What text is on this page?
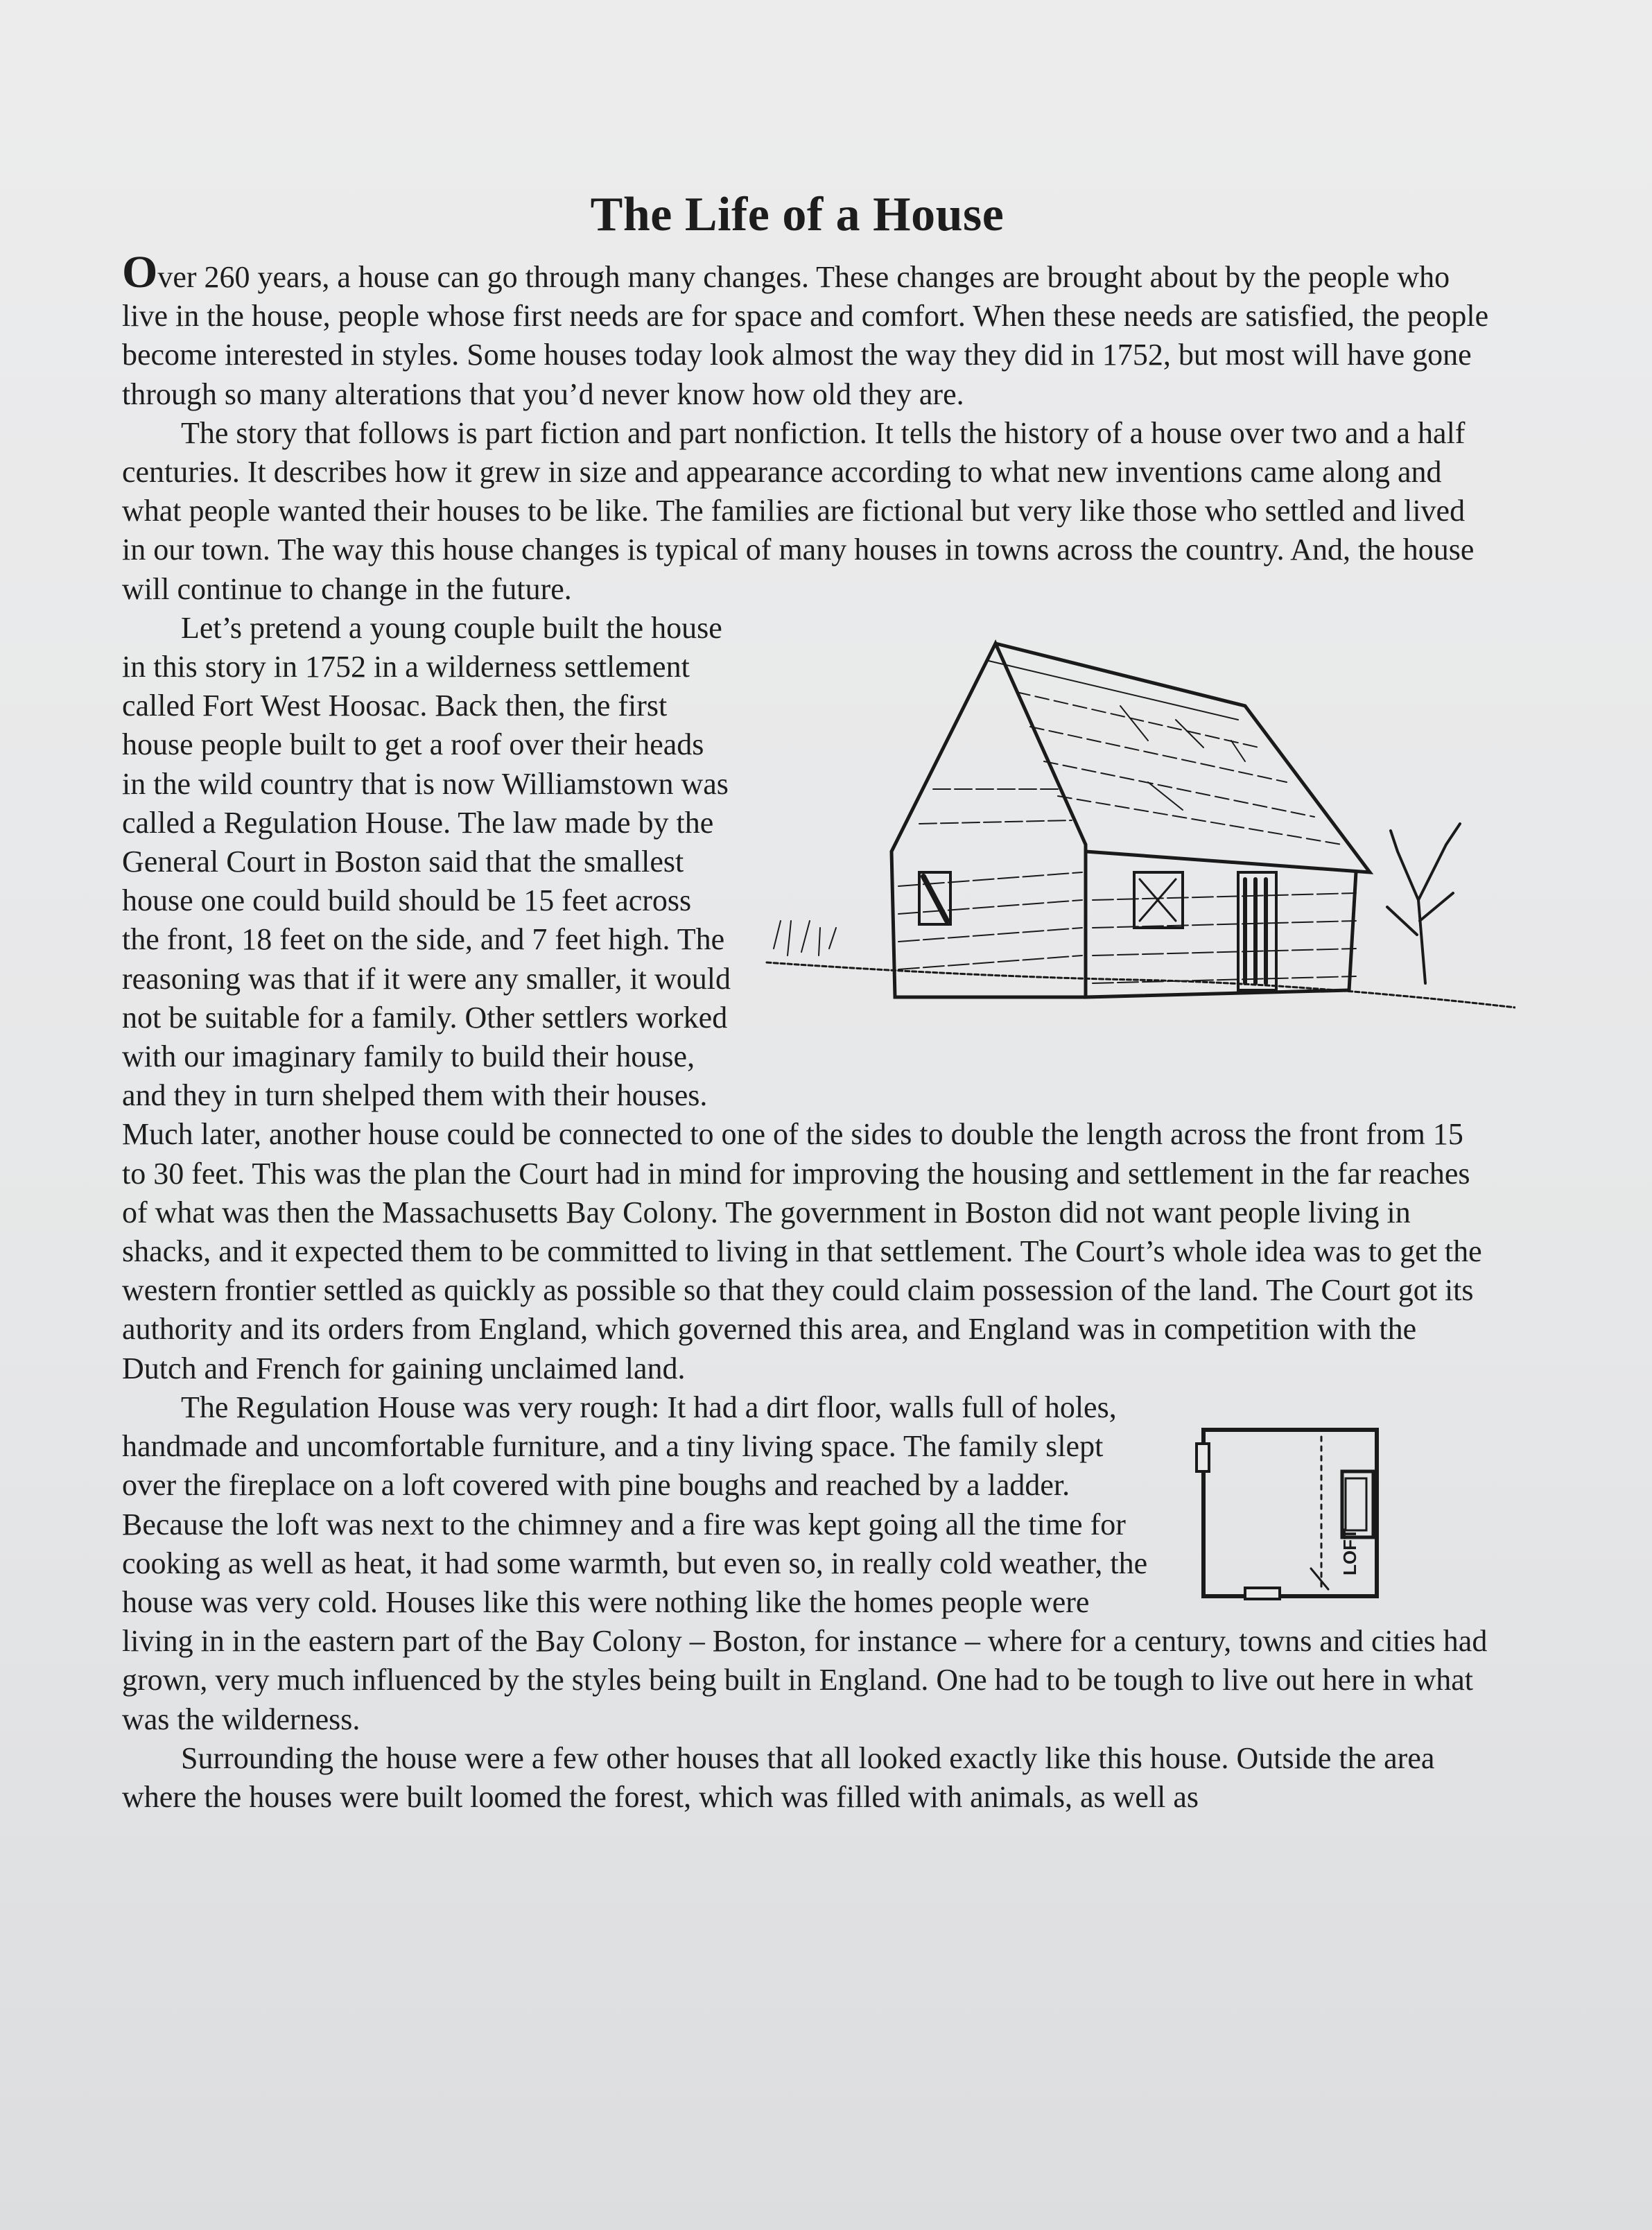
The Life of a House

Over 260 years, a house can go through many changes. These changes are brought about by the people who live in the house, people whose first needs are for space and comfort. When these needs are satisfied, the people become interested in styles. Some houses today look almost the way they did in 1752, but most will have gone through so many alterations that you’d never know how old they are.

The story that follows is part fiction and part nonfiction. It tells the history of a house over two and a half centuries. It describes how it grew in size and appearance according to what new inventions came along and what people wanted their houses to be like. The families are fictional but very like those who settled and lived in our town. The way this house changes is typical of many houses in towns across the country. And, the house will continue to change in the future.

Let’s pretend a young couple built the house in this story in 1752 in a wilderness settlement called Fort West Hoosac. Back then, the first house people built to get a roof over their heads in the wild country that is now Williamstown was called a Regulation House. The law made by the General Court in Boston said that the smallest house one could build should be 15 feet across the front, 18 feet on the side, and 7 feet high. The reasoning was that if it were any smaller, it would not be suitable for a family. Other settlers worked with our imaginary family to build their house, and they in turn shelped them with their houses. Much later, another house could be connected to one of the sides to double the length across the front from 15 to 30 feet. This was the plan the Court had in mind for improving the housing and settlement in the far reaches of what was then the Massachusetts Bay Colony. The government in Boston did not want people living in shacks, and it expected them to be committed to living in that settlement. The Court’s whole idea was to get the western frontier settled as quickly as possible so that they could claim possession of the land. The Court got its authority and its orders from England, which governed this area, and England was in competition with the Dutch and French for gaining unclaimed land.

LOFT

The Regulation House was very rough: It had a dirt floor, walls full of holes, handmade and uncomfortable furniture, and a tiny living space. The family slept over the fireplace on a loft covered with pine boughs and reached by a ladder. Because the loft was next to the chimney and a fire was kept going all the time for cooking as well as heat, it had some warmth, but even so, in really cold weather, the house was very cold. Houses like this were nothing like the homes people were living in in the eastern part of the Bay Colony – Boston, for instance – where for a century, towns and cities had grown, very much influenced by the styles being built in England. One had to be tough to live out here in what was the wilderness.

Surrounding the house were a few other houses that all looked exactly like this house. Outside the area where the houses were built loomed the forest, which was filled with animals, as well as
